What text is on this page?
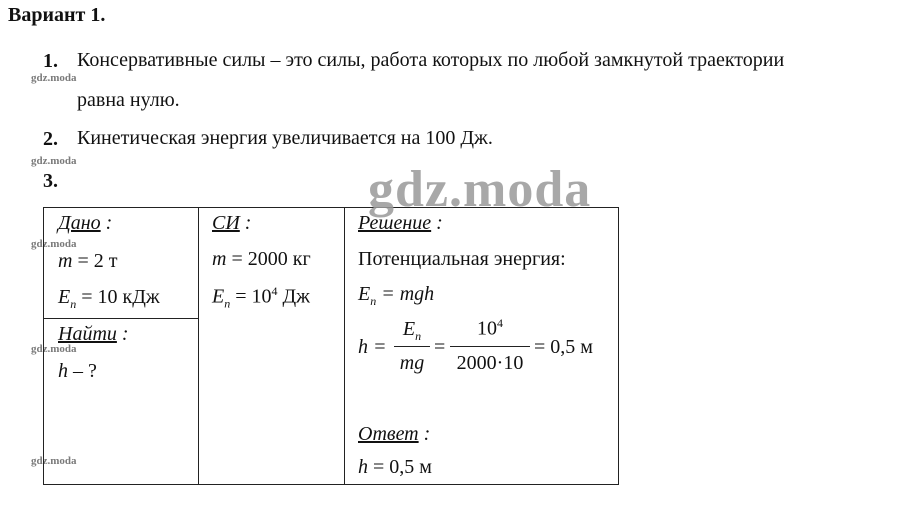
Вариант 1.
1. Консервативные силы – это силы, работа которых по любой замкнутой траектории
равна нулю.
2. Кинетическая энергия увеличивается на 100 Дж.
3.
gdz.moda
gdz.moda
gdz.moda
gdz.moda
gdz.moda
gdz.moda
Дано :
m = 2 т
$E_п = 10$ кДж
Найти :
h – ?
СИ :
m = 2000 кг
$E_п = 10^4$ Дж
Решение :
Потенциальная энергия:
$E_п$ = mgh
h =
$E_п$
mg
=
$10^4$
2000·10
= 0,5 м
Ответ :
h = 0,5 м
